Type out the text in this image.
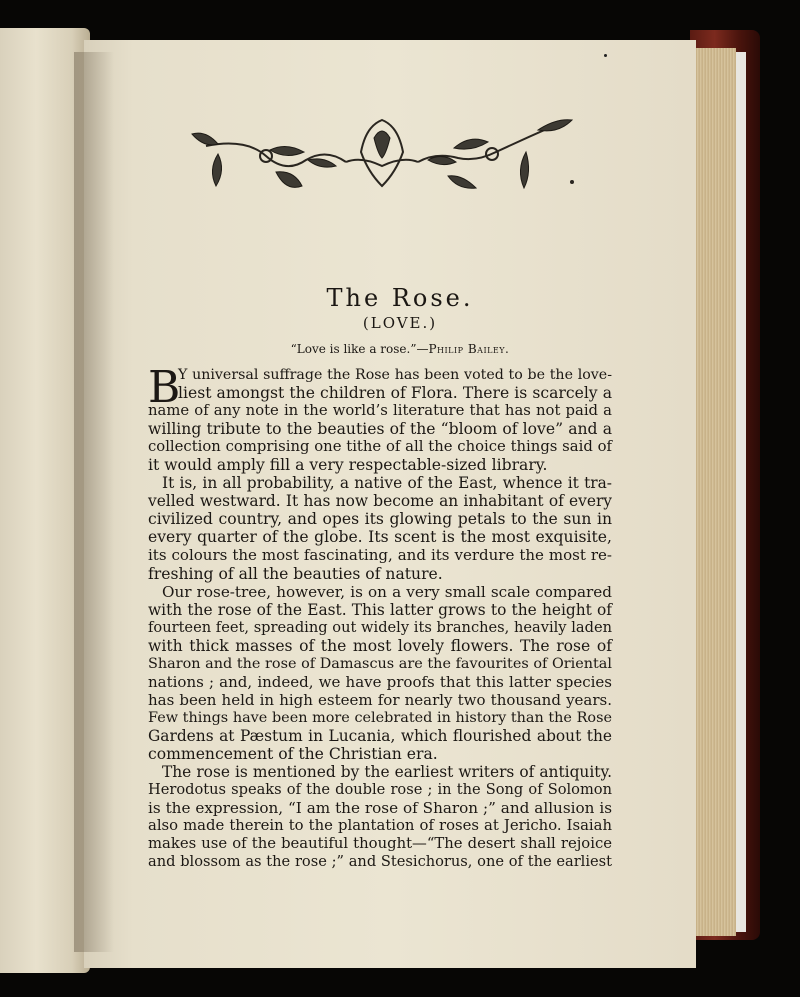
The Rose.
(LOVE.)
“Love is like a rose.”—Philip Bailey.
B
Y universal suffrage the Rose has been voted to be the love-
liest amongst the children of Flora. There is scarcely a
name of any note in the world’s literature that has not paid a
willing tribute to the beauties of the “bloom of love” and a
collection comprising one tithe of all the choice things said of
it would amply fill a very respectable-sized library.
It is, in all probability, a native of the East, whence it tra-
velled westward. It has now become an inhabitant of every
civilized country, and opes its glowing petals to the sun in
every quarter of the globe. Its scent is the most exquisite,
its colours the most fascinating, and its verdure the most re-
freshing of all the beauties of nature.
Our rose-tree, however, is on a very small scale compared
with the rose of the East. This latter grows to the height of
fourteen feet, spreading out widely its branches, heavily laden
with thick masses of the most lovely flowers. The rose of
Sharon and the rose of Damascus are the favourites of Oriental
nations ; and, indeed, we have proofs that this latter species
has been held in high esteem for nearly two thousand years.
Few things have been more celebrated in history than the Rose
Gardens at Pæstum in Lucania, which flourished about the
commencement of the Christian era.
The rose is mentioned by the earliest writers of antiquity.
Herodotus speaks of the double rose ; in the Song of Solomon
is the expression, “I am the rose of Sharon ;” and allusion is
also made therein to the plantation of roses at Jericho. Isaiah
makes use of the beautiful thought—“The desert shall rejoice
and blossom as the rose ;” and Stesichorus, one of the earliest
